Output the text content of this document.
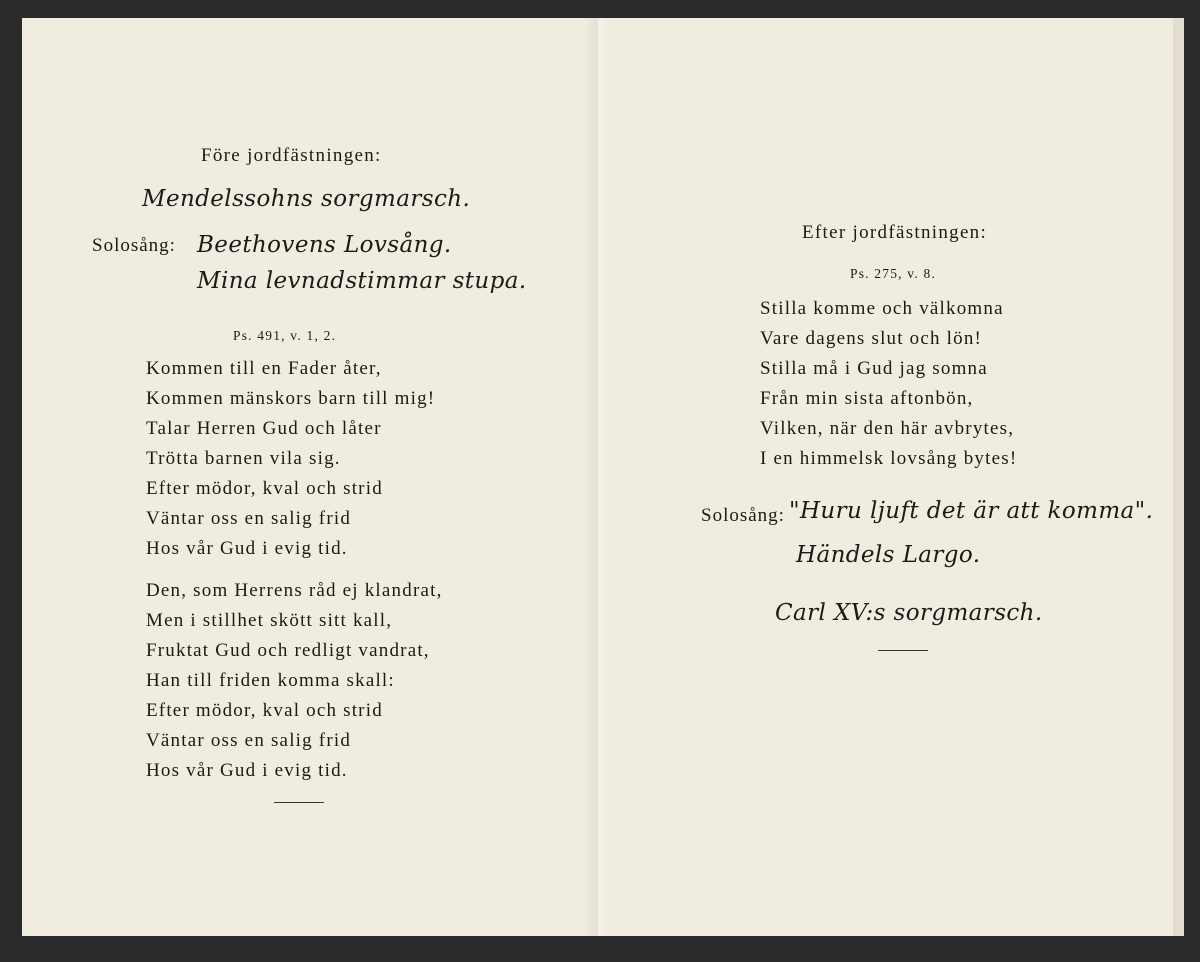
Före jordfästningen:

Mendelssohns sorgmarsch.

Solosång: Beethovens Lovsång.

Mina levnadstimmar stupa.

Ps. 491, v. 1, 2.

Kommen till en Fader åter,

Kommen mänskors barn till mig!

Talar Herren Gud och låter

Trötta barnen vila sig.

Efter mödor, kval och strid

Väntar oss en salig frid

Hos vår Gud i evig tid.

Den, som Herrens råd ej klandrat,

Men i stillhet skött sitt kall,

Fruktat Gud och redligt vandrat,

Han till friden komma skall:

Efter mödor, kval och strid

Väntar oss en salig frid

Hos vår Gud i evig tid.

Efter jordfästningen:

Ps. 275, v. 8.

Stilla komme och välkomna

Vare dagens slut och lön!

Stilla må i Gud jag somna

Från min sista aftonbön,

Vilken, när den här avbrytes,

I en himmelsk lovsång bytes!

Solosång: "Huru ljuft det är att komma".

Händels Largo.

Carl XV:s sorgmarsch.
